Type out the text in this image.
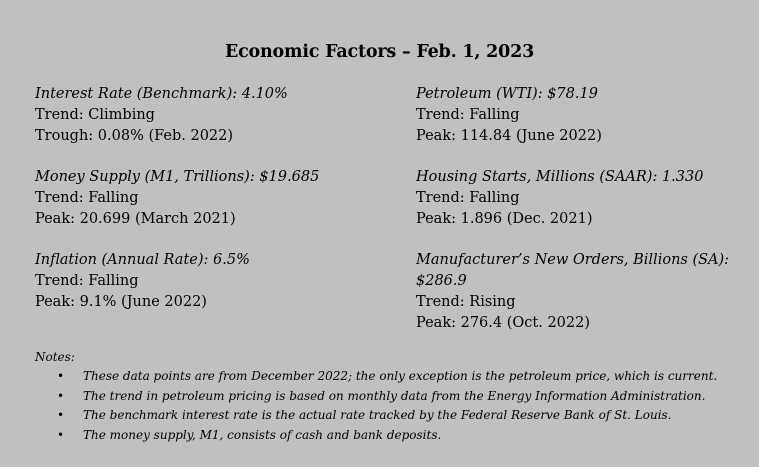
Economic Factors – Feb. 1, 2023
Interest Rate (Benchmark): 4.10%
Trend: Climbing
Trough: 0.08% (Feb. 2022)
Money Supply (M1, Trillions): $19.685
Trend: Falling
Peak: 20.699 (March 2021)
Inflation (Annual Rate): 6.5%
Trend: Falling
Peak: 9.1% (June 2022)
Petroleum (WTI): $78.19
Trend: Falling
Peak: 114.84 (June 2022)
Housing Starts, Millions (SAAR): 1.330
Trend: Falling
Peak: 1.896 (Dec. 2021)
Manufacturer’s New Orders, Billions (SA): $286.9
Trend: Rising
Peak: 276.4 (Oct. 2022)
Notes:
• These data points are from December 2022; the only exception is the petroleum price, which is current.
• The trend in petroleum pricing is based on monthly data from the Energy Information Administration.
• The benchmark interest rate is the actual rate tracked by the Federal Reserve Bank of St. Louis.
• The money supply, M1, consists of cash and bank deposits.
